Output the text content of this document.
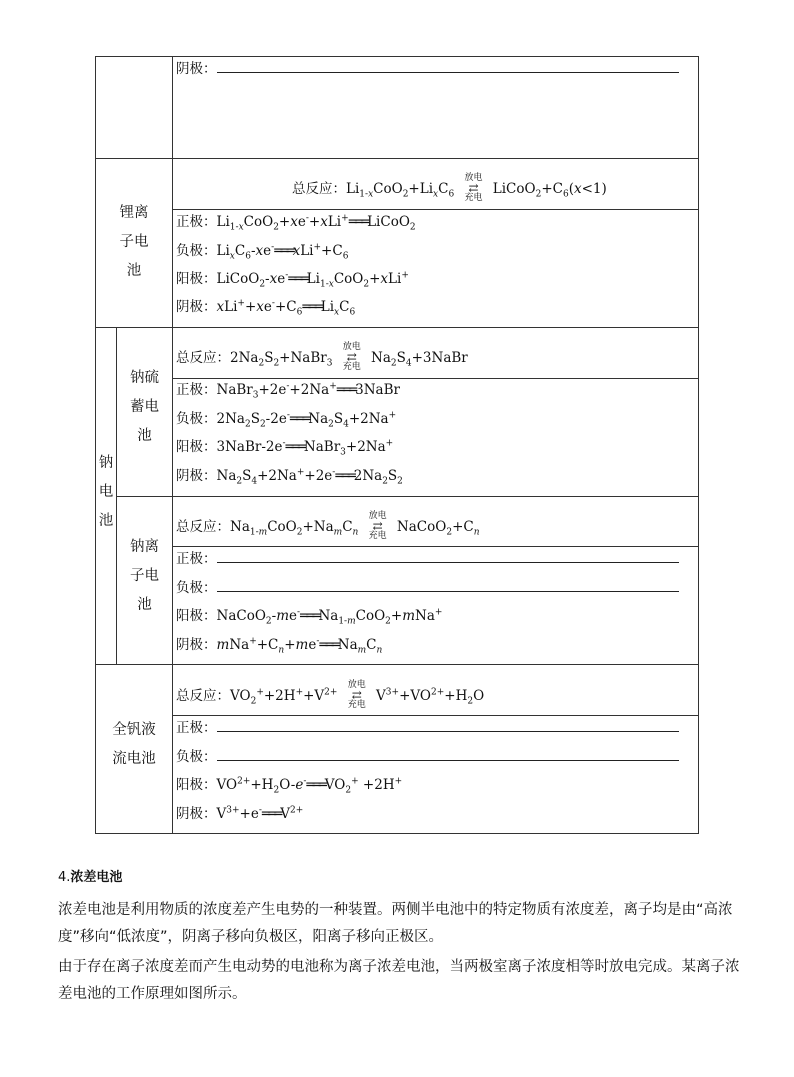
阴极：
锂离
子电
池
总反应：$Li_{1-x}CoO_2+Li_xC_6$
放电
⇄
充电
$LiCoO_2+C_6(x<1)$
正极：$Li_{1-x}CoO_2+xe^-+xLi^+═══LiCoO_2$
负极：$Li_xC_6-xe^-═══xLi^++C_6$
阳极：$LiCoO_2-xe^-═══Li_{1-x}CoO_2+xLi^+$
阴极：$xLi^++xe^-+C_6═══Li_xC_6$
钠
电
池
钠硫
蓄电
池
总反应：$2Na_2S_2+NaBr_3$
放电
⇄
充电
$Na_2S_4+3NaBr$
正极：NaBr$_3$+2e-+2Na+═══3NaBr
负极：$2Na_2S_2-2e^-═══Na_2S_4+2Na^+$
阳极：3NaBr-2e-═══NaBr$_3$+2Na+
阴极：$Na_2S_4+2Na^++2e^-═══2Na_2S_2$
钠离
子电
池
总反应：$Na_{1-m}CoO_2+Na_mC_n$
放电
⇄
充电
$NaCoO_2+C_n$
正极：
负极：
阳极：$NaCoO_2-me^-═══Na_{1-m}CoO_2+mNa^+$
阴极：$mNa^++C_n+me^-═══Na_mC_n$
全钒液
流电池
总反应：$VO_2^++2H^++V^{2+}$
放电
⇄
充电
$V^{3+}+VO^{2+}+H_2O$
正极：
负极：
阳极：$VO^{2+}+H_2O-e^-═══VO_2^+ +2H^+$
阴极：$V^{3+}+e^-═══V^{2+}$
4.浓差电池
浓差电池是利用物质的浓度差产生电势的一种装置。两侧半电池中的特定物质有浓度差，离子均是由“高浓度”移向“低浓度”，阴离子移向负极区，阳离子移向正极区。
由于存在离子浓度差而产生电动势的电池称为离子浓差电池，当两极室离子浓度相等时放电完成。某离子浓差电池的工作原理如图所示。
